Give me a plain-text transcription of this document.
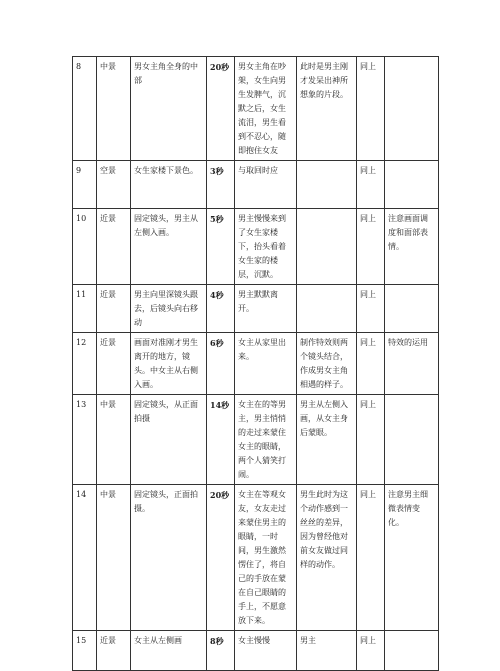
8	中景	男女主角全身的中部	20秒	男女主角在吵架，女生向男生发脾气，沉默之后，女生流泪，男生看到不忍心，随即抱住女友	此时是男主刚才发呆出神所想象的片段。	同上	
9	空景	女生家楼下景色。	3秒	与取回时应		同上	
10	近景	固定镜头，男主从左侧入画。	5秒	男主慢慢来到了女生家楼下，抬头看着女生家的楼层，沉默。		同上	注意画面调度和面部表情。
11	近景	男主向里深镜头跟去，后镜头向右移动	4秒	男主默默离开。		同上	
12	近景	画面对准刚才男生离开的地方，镜头。中女主从右侧入画。	6秒	女主从家里出来。	制作特效则两个镜头结合，作成男女主角相遇的样子。	同上	特效的运用
13	中景	固定镜头，从正面拍摄	14秒	女主在的等男主，男主悄悄的走过来蒙住女主的眼睛，两个人猜笑打闹。	男主从左侧入画，从女主身后蒙眼。	同上	
14	中景	固定镜头，正面拍摄。	20秒	女主在等观女友，女友走过来蒙住男主的眼睛，一时间，男生激然愣住了，将自己的手放在蒙在自己眼睛的手上，不愿意放下来。	男生此时为这个动作感到一丝丝的差异，因为曾经他对前女友做过同样的动作。	同上	注意男主细微表情变化。
15	近景	女主从左侧画	8秒	女主慢慢	男主	同上	
